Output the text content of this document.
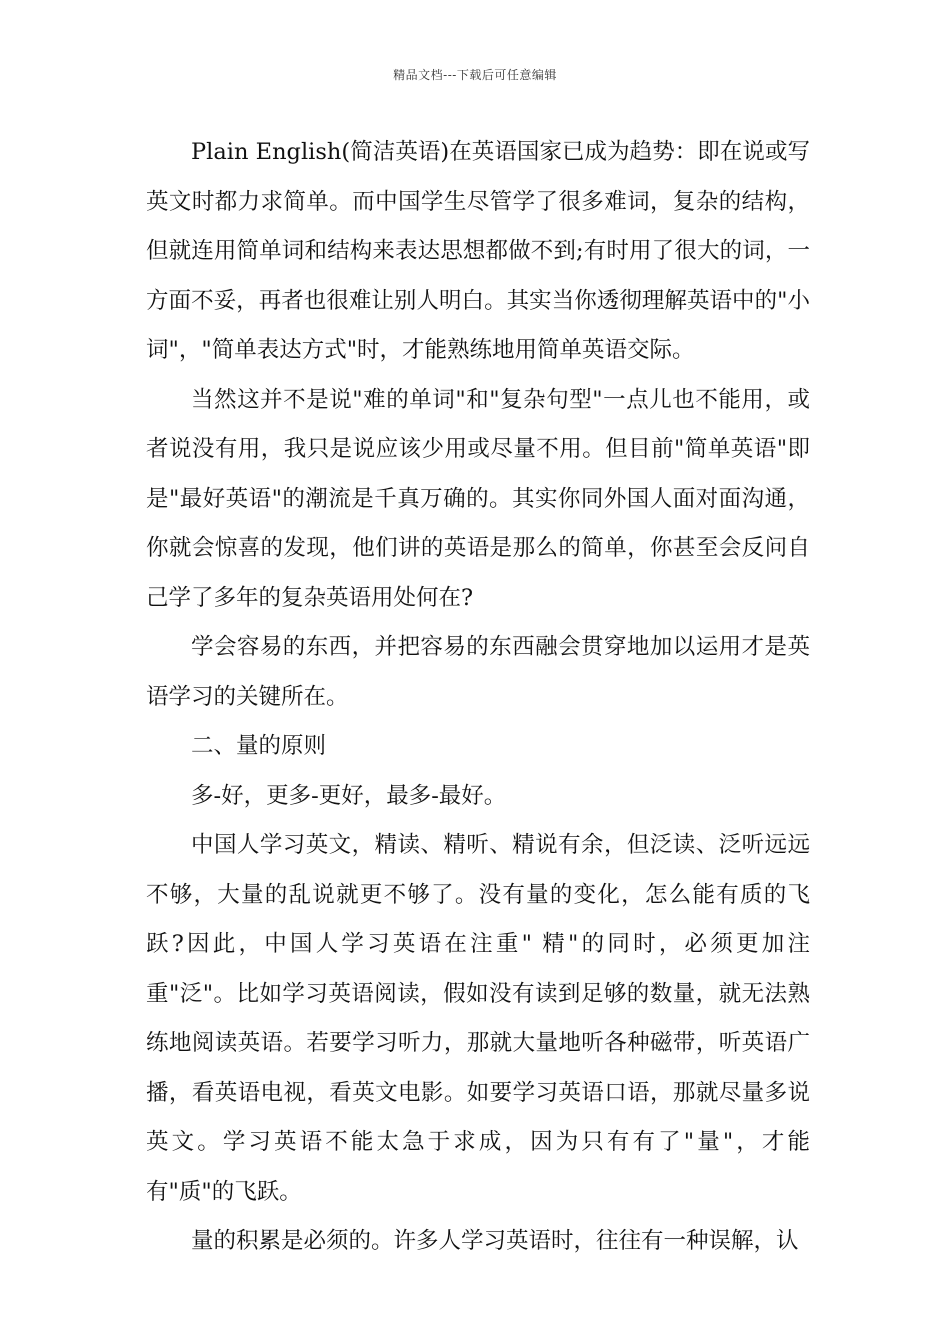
精品文档---下载后可任意编辑

Plain English(简洁英语)在英语国家已成为趋势：即在说或写英文时都力求简单。而中国学生尽管学了很多难词，复杂的结构，但就连用简单词和结构来表达思想都做不到;有时用了很大的词，一方面不妥，再者也很难让别人明白。其实当你透彻理解英语中的"小词"，"简单表达方式"时，才能熟练地用简单英语交际。

当然这并不是说"难的单词"和"复杂句型"一点儿也不能用，或者说没有用，我只是说应该少用或尽量不用。但目前"简单英语"即是"最好英语"的潮流是千真万确的。其实你同外国人面对面沟通，你就会惊喜的发现，他们讲的英语是那么的简单，你甚至会反问自己学了多年的复杂英语用处何在?

学会容易的东西，并把容易的东西融会贯穿地加以运用才是英语学习的关键所在。

二、量的原则

多-好，更多-更好，最多-最好。

中国人学习英文，精读、精听、精说有余，但泛读、泛听远远不够，大量的乱说就更不够了。没有量的变化，怎么能有质的飞跃?因此，中国人学习英语在注重" 精"的同时，必须更加注重"泛"。比如学习英语阅读，假如没有读到足够的数量，就无法熟练地阅读英语。若要学习听力，那就大量地听各种磁带，听英语广播，看英语电视，看英文电影。如要学习英语口语，那就尽量多说英文。学习英语不能太急于求成，因为只有有了"量"，才能有"质"的飞跃。

量的积累是必须的。许多人学习英语时，往往有一种误解，认
